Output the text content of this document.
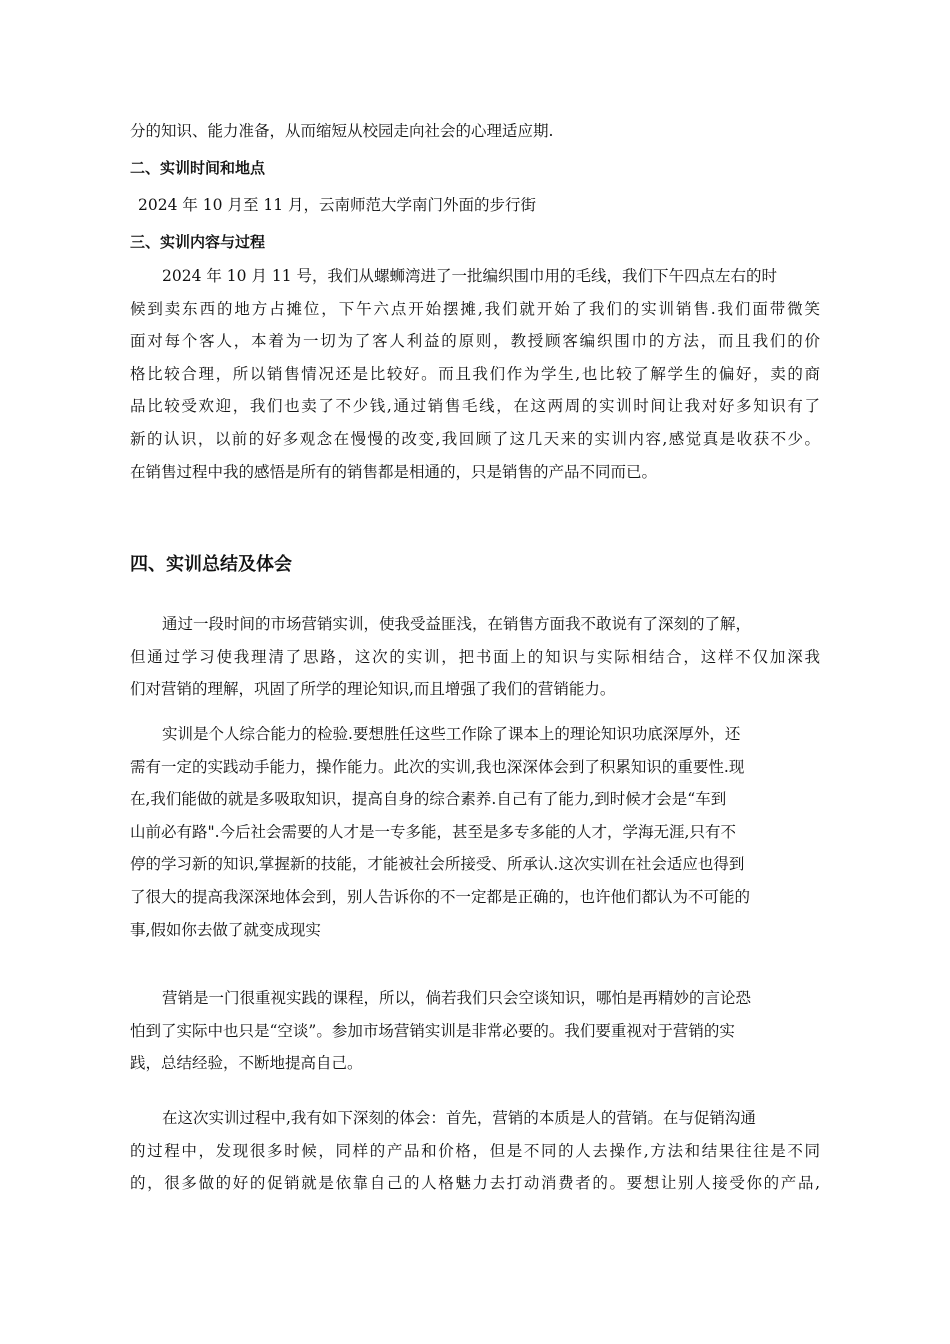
分的知识、能力准备，从而缩短从校园走向社会的心理适应期.
二、实训时间和地点
2024 年 10 月至 11 月，云南师范大学南门外面的步行街
三、实训内容与过程
2024 年 10 月 11 号，我们从螺蛳湾进了一批编织围巾用的毛线，我们下午四点左右的时
候到卖东西的地方占摊位，下午六点开始摆摊,我们就开始了我们的实训销售.我们面带微笑
面对每个客人，本着为一切为了客人利益的原则，教授顾客编织围巾的方法，而且我们的价
格比较合理，所以销售情况还是比较好。而且我们作为学生,也比较了解学生的偏好，卖的商
品比较受欢迎，我们也卖了不少钱,通过销售毛线，在这两周的实训时间让我对好多知识有了
新的认识，以前的好多观念在慢慢的改变,我回顾了这几天来的实训内容,感觉真是收获不少。
在销售过程中我的感悟是所有的销售都是相通的，只是销售的产品不同而已。
四、实训总结及体会
通过一段时间的市场营销实训，使我受益匪浅，在销售方面我不敢说有了深刻的了解，
但通过学习使我理清了思路，这次的实训，把书面上的知识与实际相结合，这样不仅加深我
们对营销的理解，巩固了所学的理论知识,而且增强了我们的营销能力。
实训是个人综合能力的检验.要想胜任这些工作除了课本上的理论知识功底深厚外，还
需有一定的实践动手能力，操作能力。此次的实训,我也深深体会到了积累知识的重要性.现
在,我们能做的就是多吸取知识，提高自身的综合素养.自己有了能力,到时候才会是“车到
山前必有路".今后社会需要的人才是一专多能，甚至是多专多能的人才，学海无涯,只有不
停的学习新的知识,掌握新的技能，才能被社会所接受、所承认.这次实训在社会适应也得到
了很大的提高我深深地体会到，别人告诉你的不一定都是正确的，也许他们都认为不可能的
事,假如你去做了就变成现实
营销是一门很重视实践的课程，所以，倘若我们只会空谈知识，哪怕是再精妙的言论恐
怕到了实际中也只是“空谈”。参加市场营销实训是非常必要的。我们要重视对于营销的实
践，总结经验，不断地提高自己。
在这次实训过程中,我有如下深刻的体会：首先，营销的本质是人的营销。在与促销沟通
的过程中，发现很多时候，同样的产品和价格，但是不同的人去操作,方法和结果往往是不同
的，很多做的好的促销就是依靠自己的人格魅力去打动消费者的。要想让别人接受你的产品,
